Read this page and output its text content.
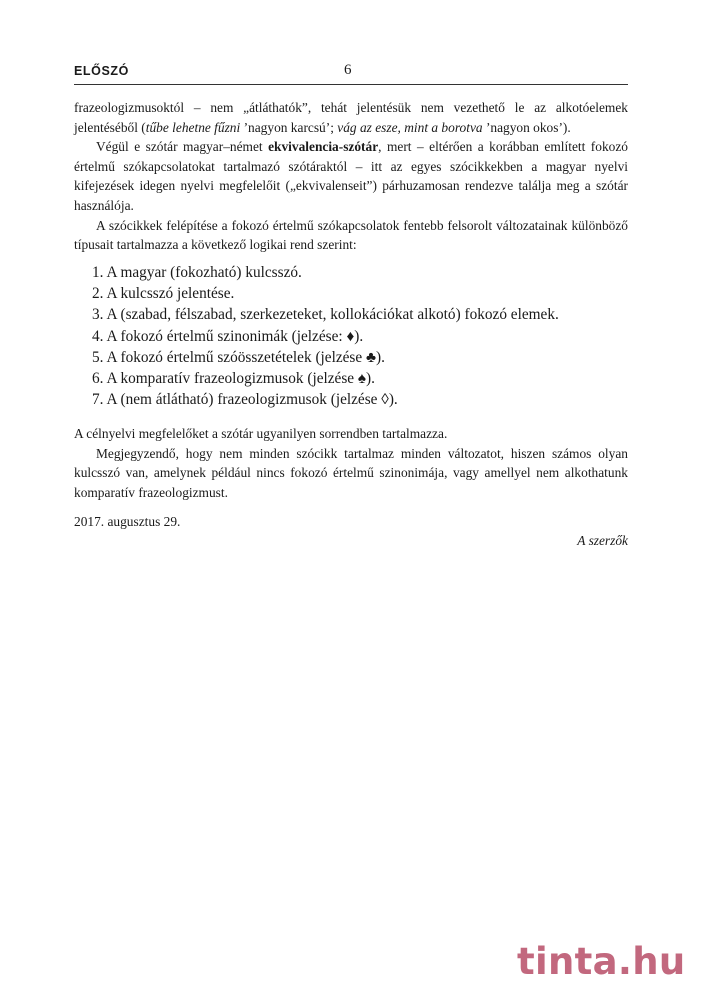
ELŐSZÓ	6

frazeologizmusoktól – nem „átláthatók”, tehát jelentésük nem vezethető le az alkotóelemek jelentéséből (tűbe lehetne fűzni ’nagyon karcsú’; vág az esze, mint a borotva ’nagyon okos’).

Végül e szótár magyar–német ekvivalencia-szótár, mert – eltérően a korábban említett fokozó értelmű szókapcsolatokat tartalmazó szótáraktól – itt az egyes szócikkekben a magyar nyelvi kifejezések idegen nyelvi megfelelőit („ekvivalenseit”) párhuzamosan rendezve találja meg a szótár használója.

A szócikkek felépítése a fokozó értelmű szókapcsolatok fentebb felsorolt változatainak különböző típusait tartalmazza a következő logikai rend szerint:

1. A magyar (fokozható) kulcsszó.
2. A kulcsszó jelentése.
3. A (szabad, félszabad, szerkezeteket, kollokációkat alkotó) fokozó elemek.
4. A fokozó értelmű szinonimák (jelzése: ♦).
5. A fokozó értelmű szóösszetételek (jelzése ♣).
6. A komparatív frazeologizmusok (jelzése ♠).
7. A (nem átlátható) frazeologizmusok (jelzése ◊).

A célnyelvi megfelelőket a szótár ugyanilyen sorrendben tartalmazza.

Megjegyzendő, hogy nem minden szócikk tartalmaz minden változatot, hiszen számos olyan kulcsszó van, amelynek például nincs fokozó értelmű szinonimája, vagy amellyel nem alkothatunk komparatív frazeologizmust.

2017. augusztus 29.
A szerzők
tinta.hu
